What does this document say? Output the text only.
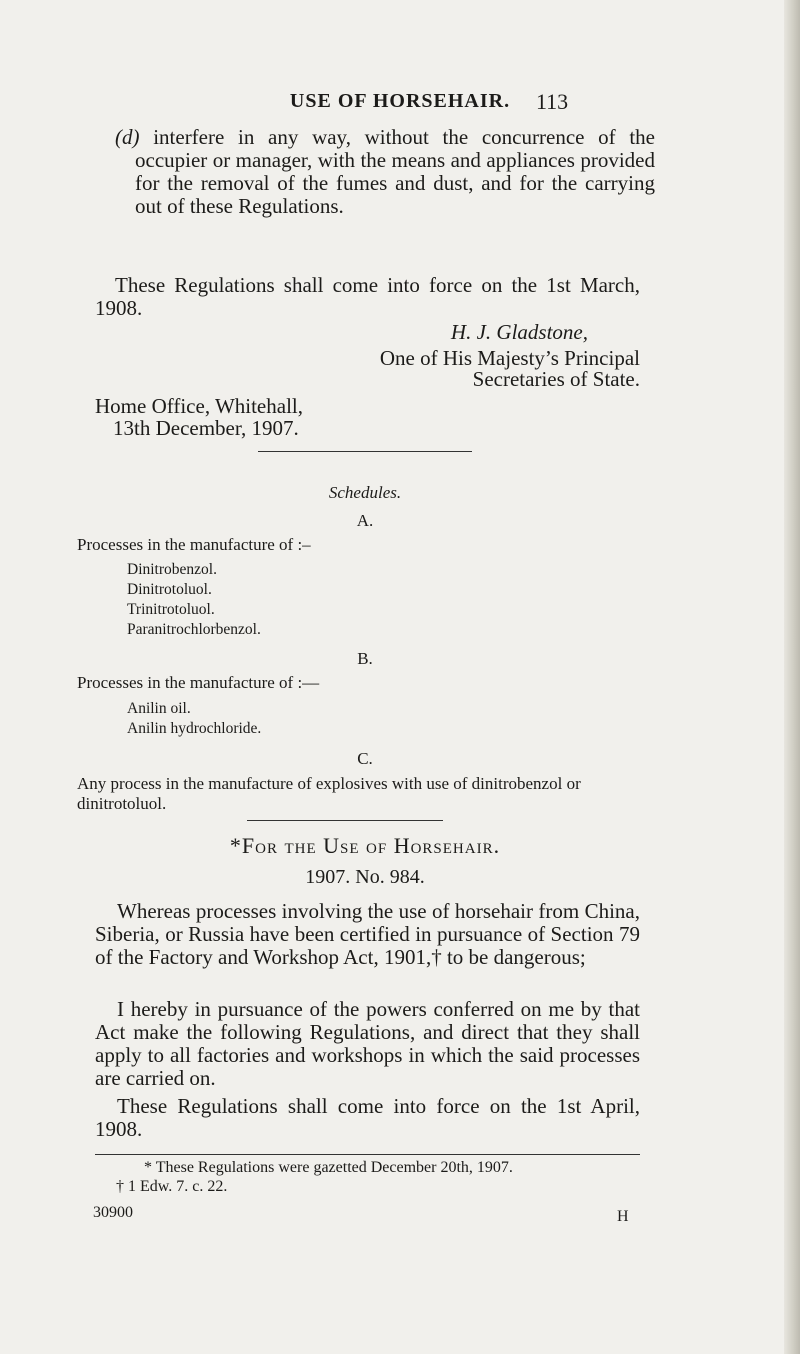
USE OF HORSEHAIR.	113

(d) interfere in any way, without the concurrence of the occupier or manager, with the means and appliances provided for the removal of the fumes and dust, and for the carrying out of these Regulations.

These Regulations shall come into force on the 1st March, 1908.

H. J. Gladstone,
One of His Majesty’s Principal
Secretaries of State.
Home Office, Whitehall,
13th December, 1907.
Schedules.
A.
Processes in the manufacture of :–
Dinitrobenzol.
Dinitrotoluol.
Trinitrotoluol.
Paranitrochlorbenzol.
B.
Processes in the manufacture of :—
Anilin oil.
Anilin hydrochloride.
C.

Any process in the manufacture of explosives with use of dinitrobenzol or dinitrotoluol.

*For the Use of Horsehair.
1907. No. 984.

Whereas processes involving the use of horsehair from China, Siberia, or Russia have been certified in pursuance of Section 79 of the Factory and Workshop Act, 1901,† to be dangerous;

I hereby in pursuance of the powers conferred on me by that Act make the following Regulations, and direct that they shall apply to all factories and workshops in which the said processes are carried on.

These Regulations shall come into force on the 1st April, 1908.

* These Regulations were gazetted December 20th, 1907.
† 1 Edw. 7. c. 22.
30900	H
